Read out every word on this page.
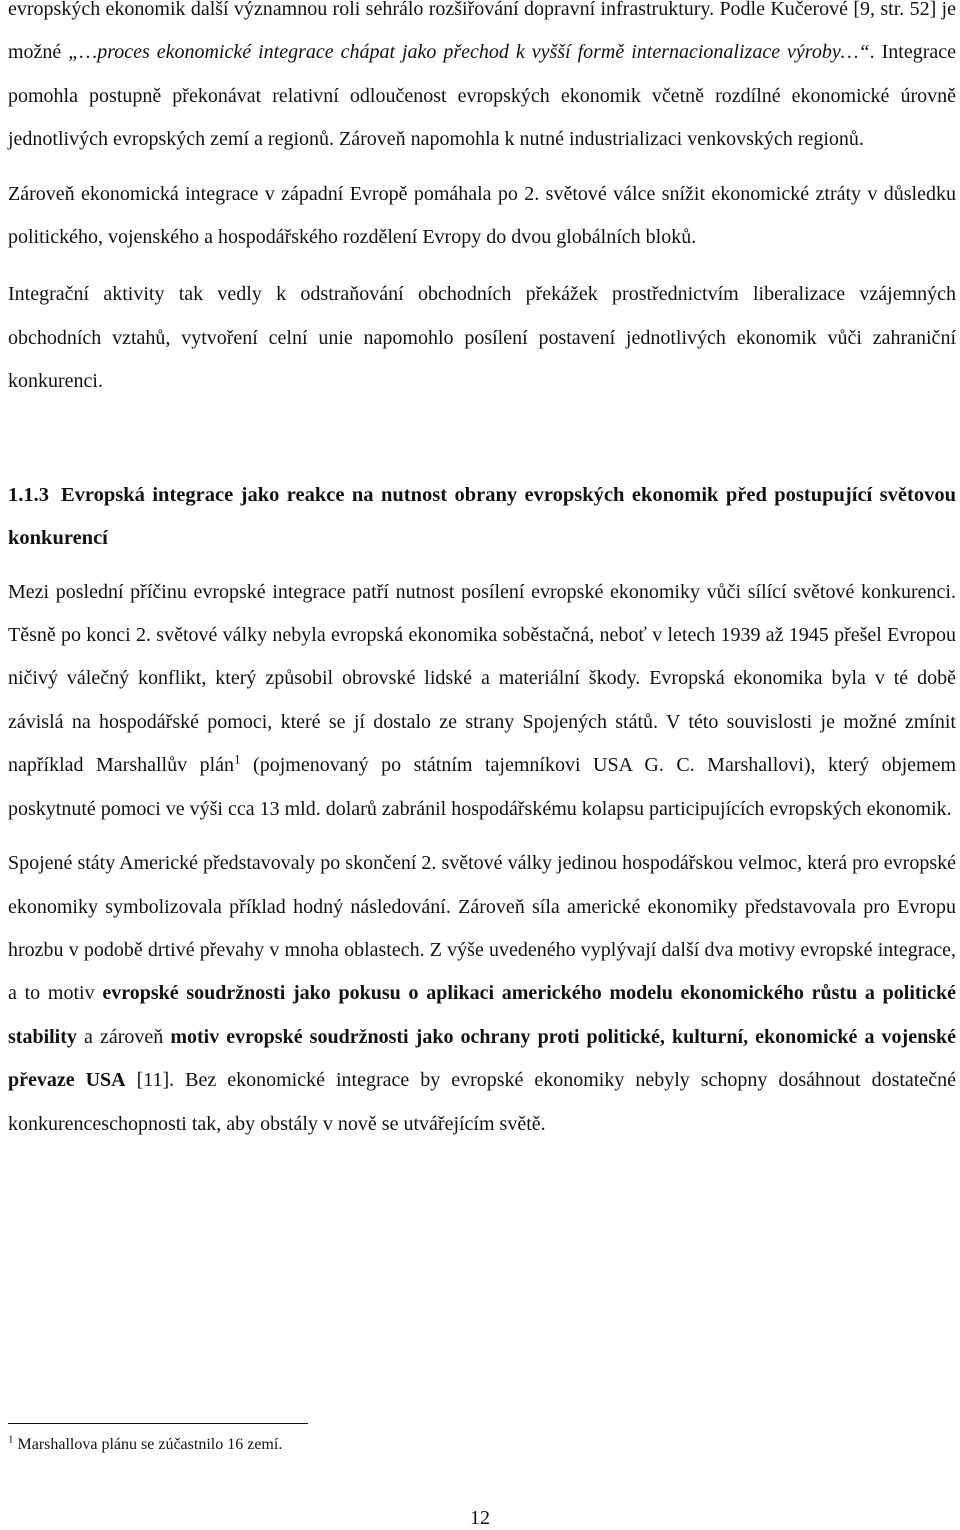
evropských ekonomik další významnou roli sehrálo rozšiřování dopravní infrastruktury. Podle Kučerové [9, str. 52] je možné „…proces ekonomické integrace chápat jako přechod k vyšší formě internacionalizace výroby…“. Integrace pomohla postupně překonávat relativní odloučenost evropských ekonomik včetně rozdílné ekonomické úrovně jednotlivých evropských zemí a regionů. Zároveň napomohla k nutné industrializaci venkovských regionů.

Zároveň ekonomická integrace v západní Evropě pomáhala po 2. světové válce snížit ekonomické ztráty v důsledku politického, vojenského a hospodářského rozdělení Evropy do dvou globálních bloků.

Integrační aktivity tak vedly k odstraňování obchodních překážek prostřednictvím liberalizace vzájemných obchodních vztahů, vytvoření celní unie napomohlo posílení postavení jednotlivých ekonomik vůči zahraniční konkurenci.

1.1.3 Evropská integrace jako reakce na nutnost obrany evropských ekonomik před postupující světovou konkurencí

Mezi poslední příčinu evropské integrace patří nutnost posílení evropské ekonomiky vůči sílící světové konkurenci. Těsně po konci 2. světové války nebyla evropská ekonomika soběstačná, neboť v letech 1939 až 1945 přešel Evropou ničivý válečný konflikt, který způsobil obrovské lidské a materiální škody. Evropská ekonomika byla v té době závislá na hospodářské pomoci, které se jí dostalo ze strany Spojených států. V této souvislosti je možné zmínit například Marshallův plán$^1$ (pojmenovaný po státním tajemníkovi USA G. C. Marshallovi), který objemem poskytnuté pomoci ve výši cca 13 mld. dolarů zabránil hospodářskému kolapsu participujících evropských ekonomik.

Spojené státy Americké představovaly po skončení 2. světové války jedinou hospodářskou velmoc, která pro evropské ekonomiky symbolizovala příklad hodný následování. Zároveň síla americké ekonomiky představovala pro Evropu hrozbu v podobě drtivé převahy v mnoha oblastech. Z výše uvedeného vyplývají další dva motivy evropské integrace, a to motiv evropské soudržnosti jako pokusu o aplikaci amerického modelu ekonomického růstu a politické stability a zároveň motiv evropské soudržnosti jako ochrany proti politické, kulturní, ekonomické a vojenské převaze USA [11]. Bez ekonomické integrace by evropské ekonomiky nebyly schopny dosáhnout dostatečné konkurenceschopnosti tak, aby obstály v nově se utvářejícím světě.

$^1$ Marshallova plánu se zúčastnilo 16 zemí.
12
